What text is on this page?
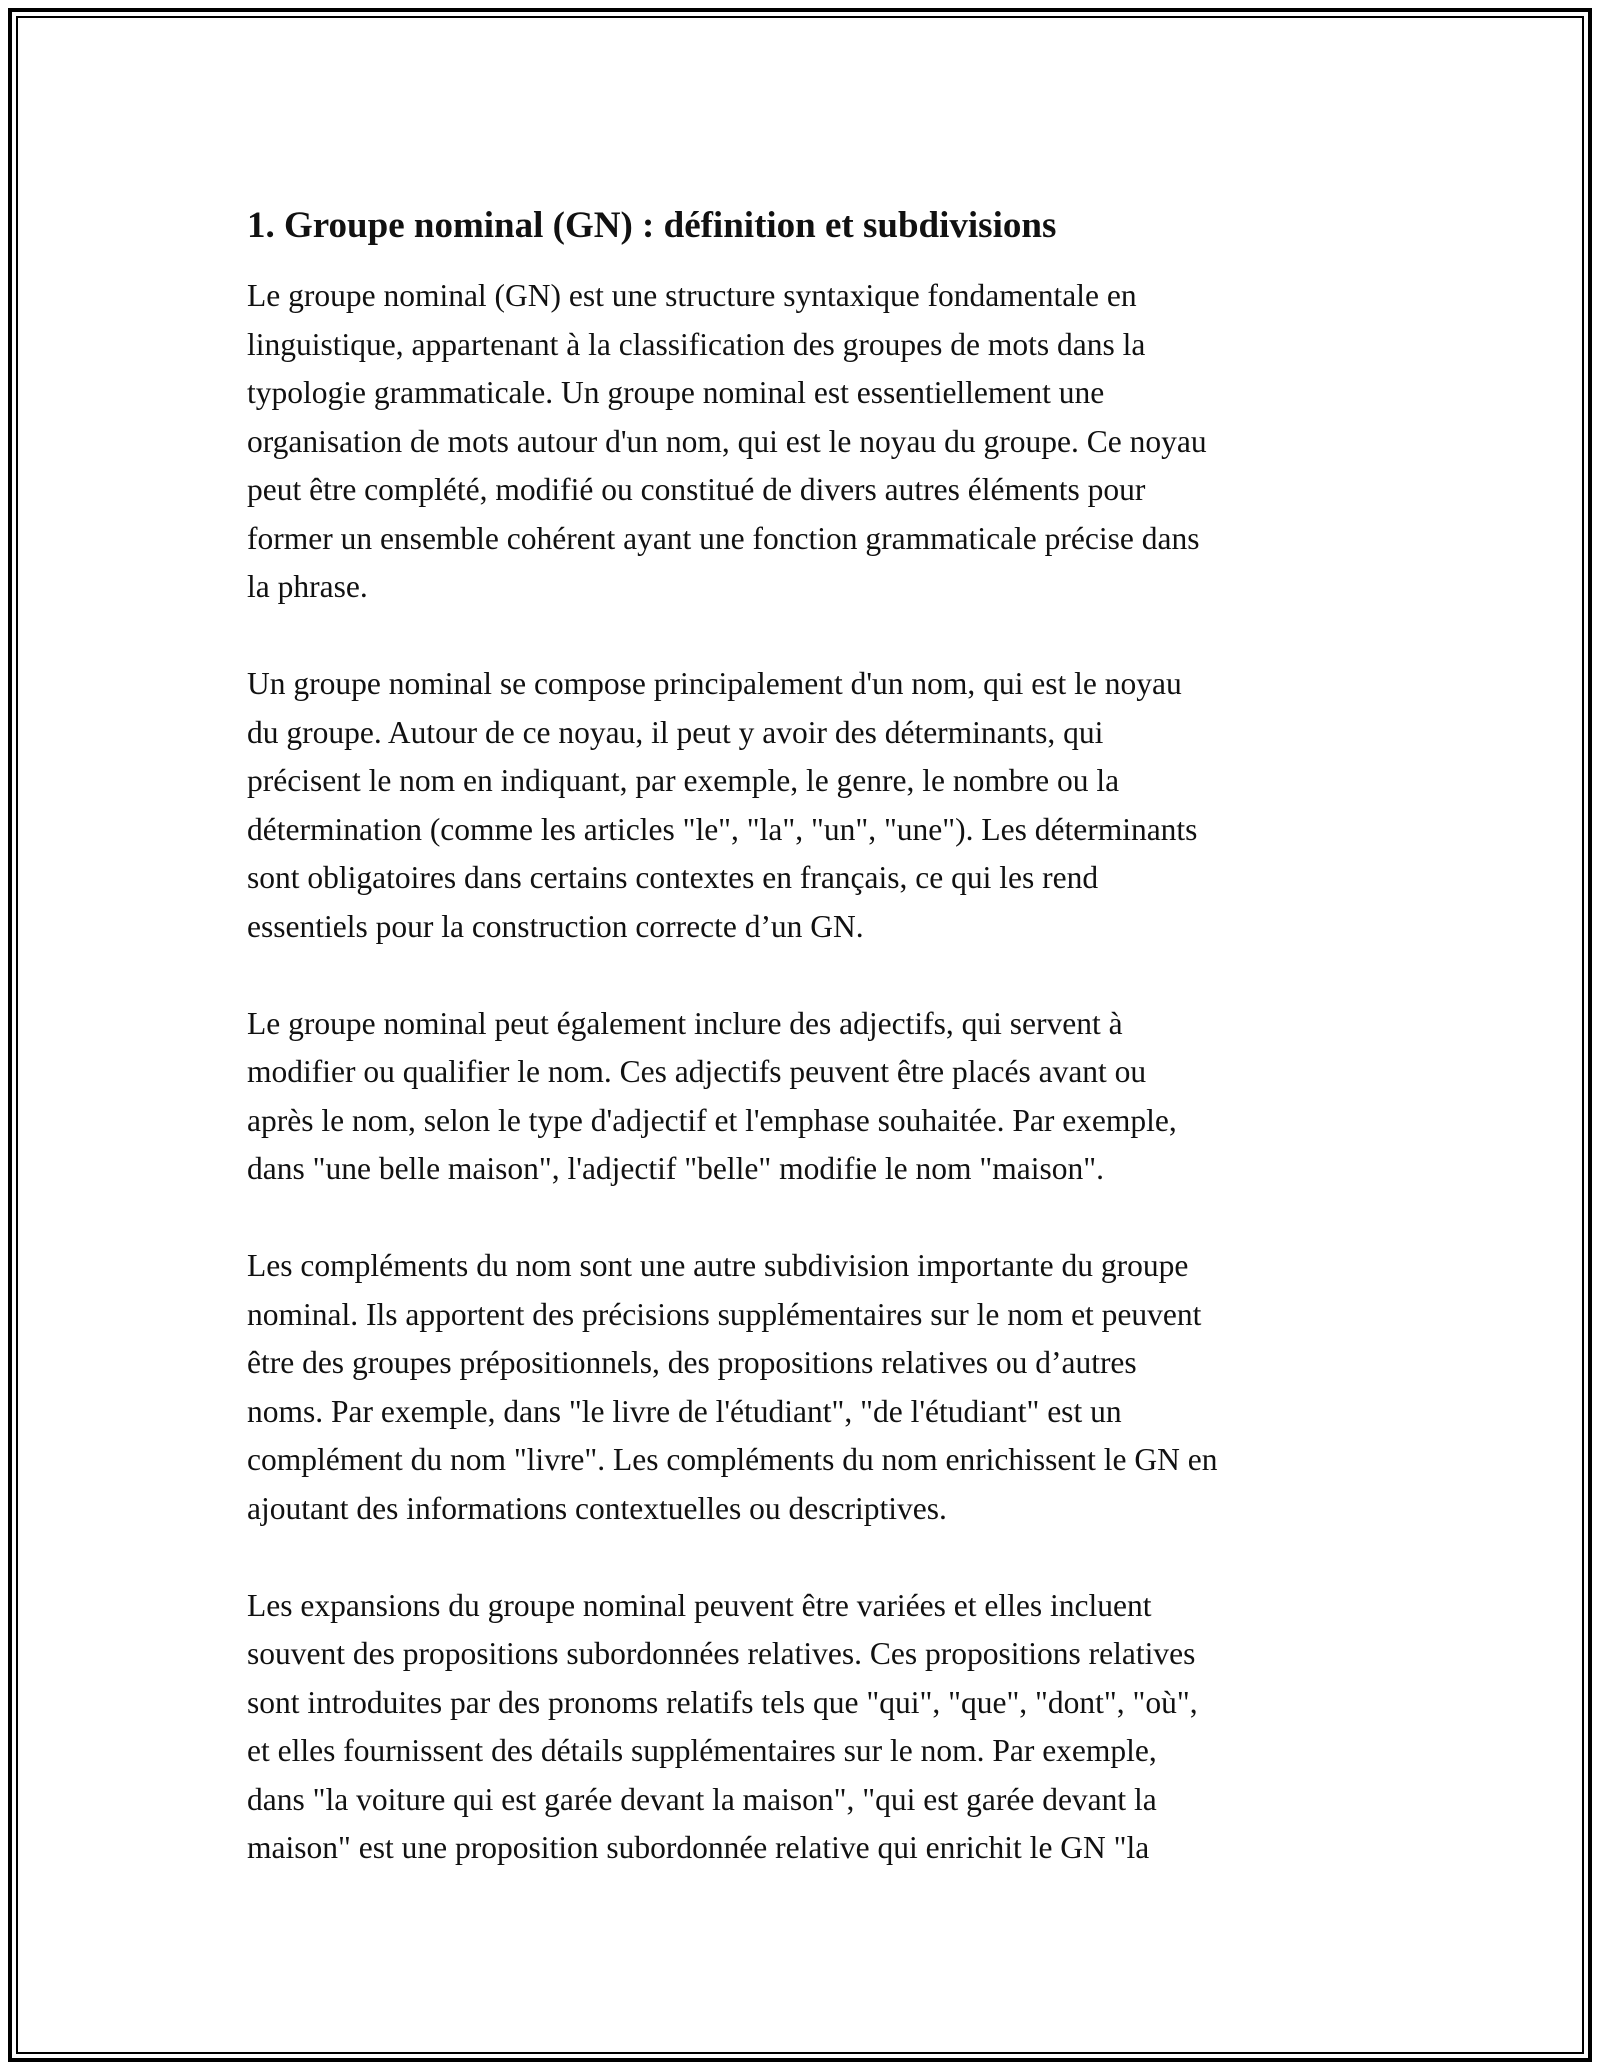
1. Groupe nominal (GN) : définition et subdivisions

Le groupe nominal (GN) est une structure syntaxique fondamentale en
linguistique, appartenant à la classification des groupes de mots dans la
typologie grammaticale. Un groupe nominal est essentiellement une
organisation de mots autour d'un nom, qui est le noyau du groupe. Ce noyau
peut être complété, modifié ou constitué de divers autres éléments pour
former un ensemble cohérent ayant une fonction grammaticale précise dans
la phrase.

Un groupe nominal se compose principalement d'un nom, qui est le noyau
du groupe. Autour de ce noyau, il peut y avoir des déterminants, qui
précisent le nom en indiquant, par exemple, le genre, le nombre ou la
détermination (comme les articles "le", "la", "un", "une"). Les déterminants
sont obligatoires dans certains contextes en français, ce qui les rend
essentiels pour la construction correcte d’un GN.

Le groupe nominal peut également inclure des adjectifs, qui servent à
modifier ou qualifier le nom. Ces adjectifs peuvent être placés avant ou
après le nom, selon le type d'adjectif et l'emphase souhaitée. Par exemple,
dans "une belle maison", l'adjectif "belle" modifie le nom "maison".

Les compléments du nom sont une autre subdivision importante du groupe
nominal. Ils apportent des précisions supplémentaires sur le nom et peuvent
être des groupes prépositionnels, des propositions relatives ou d’autres
noms. Par exemple, dans "le livre de l'étudiant", "de l'étudiant" est un
complément du nom "livre". Les compléments du nom enrichissent le GN en
ajoutant des informations contextuelles ou descriptives.

Les expansions du groupe nominal peuvent être variées et elles incluent
souvent des propositions subordonnées relatives. Ces propositions relatives
sont introduites par des pronoms relatifs tels que "qui", "que", "dont", "où",
et elles fournissent des détails supplémentaires sur le nom. Par exemple,
dans "la voiture qui est garée devant la maison", "qui est garée devant la
maison" est une proposition subordonnée relative qui enrichit le GN "la
